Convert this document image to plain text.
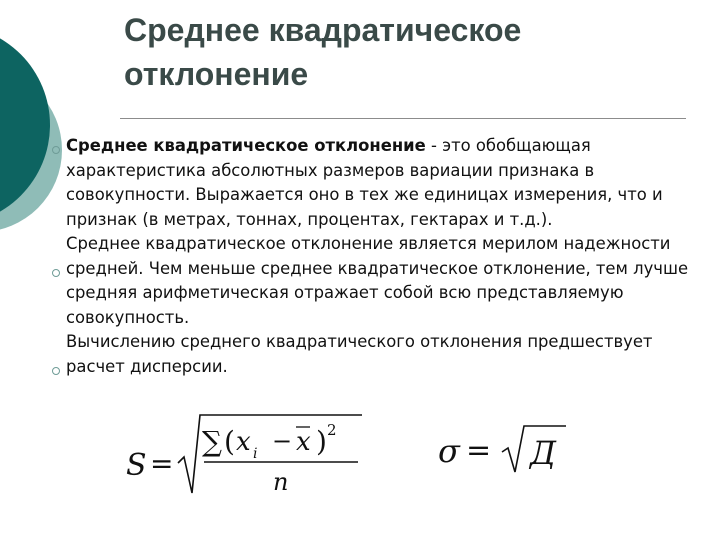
Среднее квадратическое
отклонение

Среднее квадратическое отклонение - это обобщающая характеристика абсолютных размеров вариации признака в совокупности. Выражается оно в тех же единицах измерения, что и признак (в метрах, тоннах, процентах, гектарах и т.д.).

Среднее квадратическое отклонение является мерилом надежности средней. Чем меньше среднее квадратическое отклонение, тем лучше средняя арифметическая отражает собой всю представляемую совокупность.

Вычислению среднего квадратического отклонения предшествует расчет дисперсии.

S =
∑ ( x i − x ) 2
n
σ = Д
